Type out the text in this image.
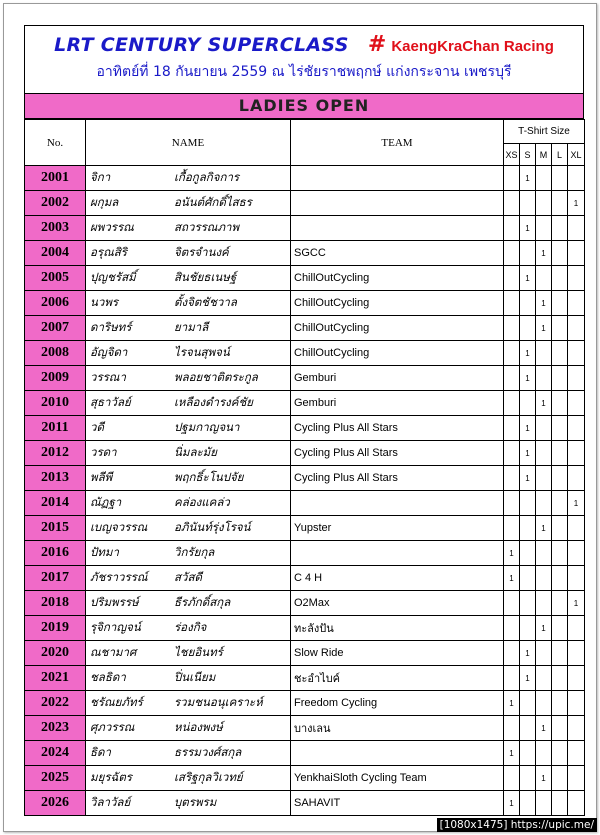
LRT CENTURY SUPERCLASS # KaengKraChan Racing
อาทิตย์ที่ 18 กันยายน 2559 ณ ไร่ชัยราชพฤกษ์ แก่งกระจาน เพชรบุรี
LADIES OPEN
No.	NAME	TEAM	T-Shirt Size				
			XS	S	M	L	XL
2001	จิกา เกื้อกูลกิจการ			1			
2002	ผกุมล อนันต์ศักดิ์ไสธร						1
2003	ผพวรรณ สถวรรณภาพ			1			
2004	อรุณสิริ จิตรจำนงค์	SGCC			1		
2005	ปุญชรัสมิ์ สินชัยธเนษฐ์	ChillOutCycling		1			
2006	นวพร ตั้งจิตชัชวาล	ChillOutCycling			1		
2007	ดาริษทร์ ยามาลี	ChillOutCycling			1		
2008	อัญจิดา ไรจนสุพจน์	ChillOutCycling		1			
2009	วรรณา พลอยชาติตระกูล	Gemburi		1			
2010	สุธาวัลย์ เหลืองดำรงค์ชัย	Gemburi			1		
2011	วดี ปฐมกาญจนา	Cycling Plus All Stars		1			
2012	วรดา นิ่มละมัย	Cycling Plus All Stars		1			
2013	พลีพี พฤกธิ์ะโนปจัย	Cycling Plus All Stars		1			
2014	ณัฏฐา คล่องแคล่ว						1
2015	เบญจวรรณ อภินันท์รุ่งโรจน์	Yupster			1		
2016	ปัทมา วิกรัยกุล		1				
2017	ภัชราวรรณ์ สวัสดี	C 4 H	1				
2018	ปริมพรรษ์ ธีรภักดิ์สกุล	O2Max					1
2019	รุจิกาญจน์ ร่องกิจ	ทะลังปัน			1		
2020	ณชามาศ ไชยอินทร์	Slow Ride		1			
2021	ชลธิดา ปิ่นเนียม	ชะอำไบค์		1			
2022	ชรัณยภัทร์ รวมชนอนุเคราะห์	Freedom Cycling	1				
2023	ศุภวรรณ หน่องพงษ์	บางเลน			1		
2024	ธิดา ธรรมวงศ์สกุล		1				
2025	มยุรฉัตร เสริฐกุลวิเวทย์	YenkhaiSloth Cycling Team			1		
2026	วิลาวัลย์ บุตรพรม	SAHAVIT	1				
[1080x1475] https://upic.me/
